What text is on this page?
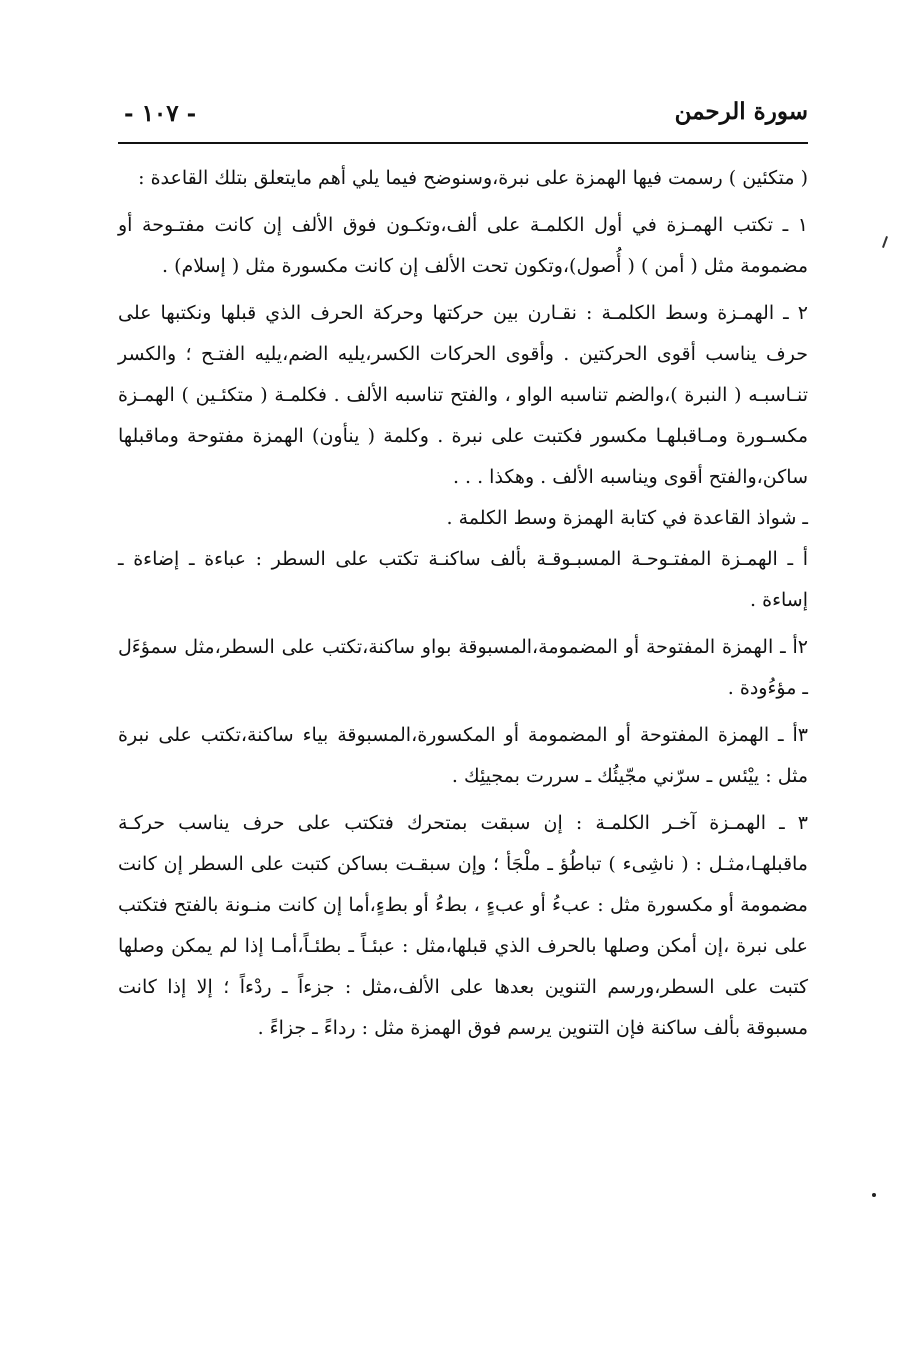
سورة الرحمن
- ١٠٧ -

( متكئين ) رسمت فيها الهمزة على نبرة،وسنوضح فيما يلي أهم مايتعلق بتلك القاعدة :

١ ـ تكتب الهمـزة في أول الكلمـة على ألف،وتكـون فوق الألف إن كانت مفتـوحة أو مضمومة مثل ( أمن ) ( أُصول)،وتكون تحت الألف إن كانت مكسورة مثل ( إسلام) .

٢ ـ الهمـزة وسط الكلمـة : نقـارن بين حركتها وحركة الحرف الذي قبلها ونكتبها على حرف يناسب أقوى الحركتين . وأقوى الحركات الكسر،يليه الضم،يليه الفتـح ؛ والكسر تنـاسبـه ( النبرة )،والضم تناسبه الواو ، والفتح تناسبه الألف . فكلمـة ( متكئـين ) الهمـزة مكسـورة ومـاقبلهـا مكسور فكتبت على نبرة . وكلمة ( ينأون) الهمزة مفتوحة وماقبلها ساكن،والفتح أقوى ويناسبه الألف . وهكذا . . .

ـ شواذ القاعدة في كتابة الهمزة وسط الكلمة .

أ ـ الهمـزة المفتـوحـة المسبـوقـة بألف ساكنـة تكتب على السطر : عباءة ـ إضاءة ـ إساءة .

٢أ ـ الهمزة المفتوحة أو المضمومة،المسبوقة بواو ساكنة،تكتب على السطر،مثل سمؤءَل ـ مؤءُودة .

٣أ ـ الهمزة المفتوحة أو المضمومة أو المكسورة،المسبوقة بياء ساكنة،تكتب على نبرة مثل : ييْئس ـ سرّني مجّيئُك ـ سررت بمجيئِك .

٣ ـ الهمـزة آخـر الكلمـة : إن سبقت بمتحرك فتكتب على حرف يناسب حركـة ماقبلهـا،مثـل : ( ناشِىء ) تباطُؤ ـ ملْجَأ ؛ وإن سبقـت بساكن كتبت على السطر إن كانت مضمومة أو مكسورة مثل : عبءُ أو عبءٍ ، بطءُ أو بطءٍ،أما إن كانت منـونة بالفتح فتكتب على نبرة ،إن أمكن وصلها بالحرف الذي قبلها،مثل : عبئـاً ـ بطئـاً،أمـا إذا لم يمكن وصلها كتبت على السطر،ورسم التنوين بعدها على الألف،مثل : جزءاً ـ ردْءاً ؛ إلا إذا كانت مسبوقة بألف ساكنة فإن التنوين يرسم فوق الهمزة مثل : رداءً ـ جزاءً .
